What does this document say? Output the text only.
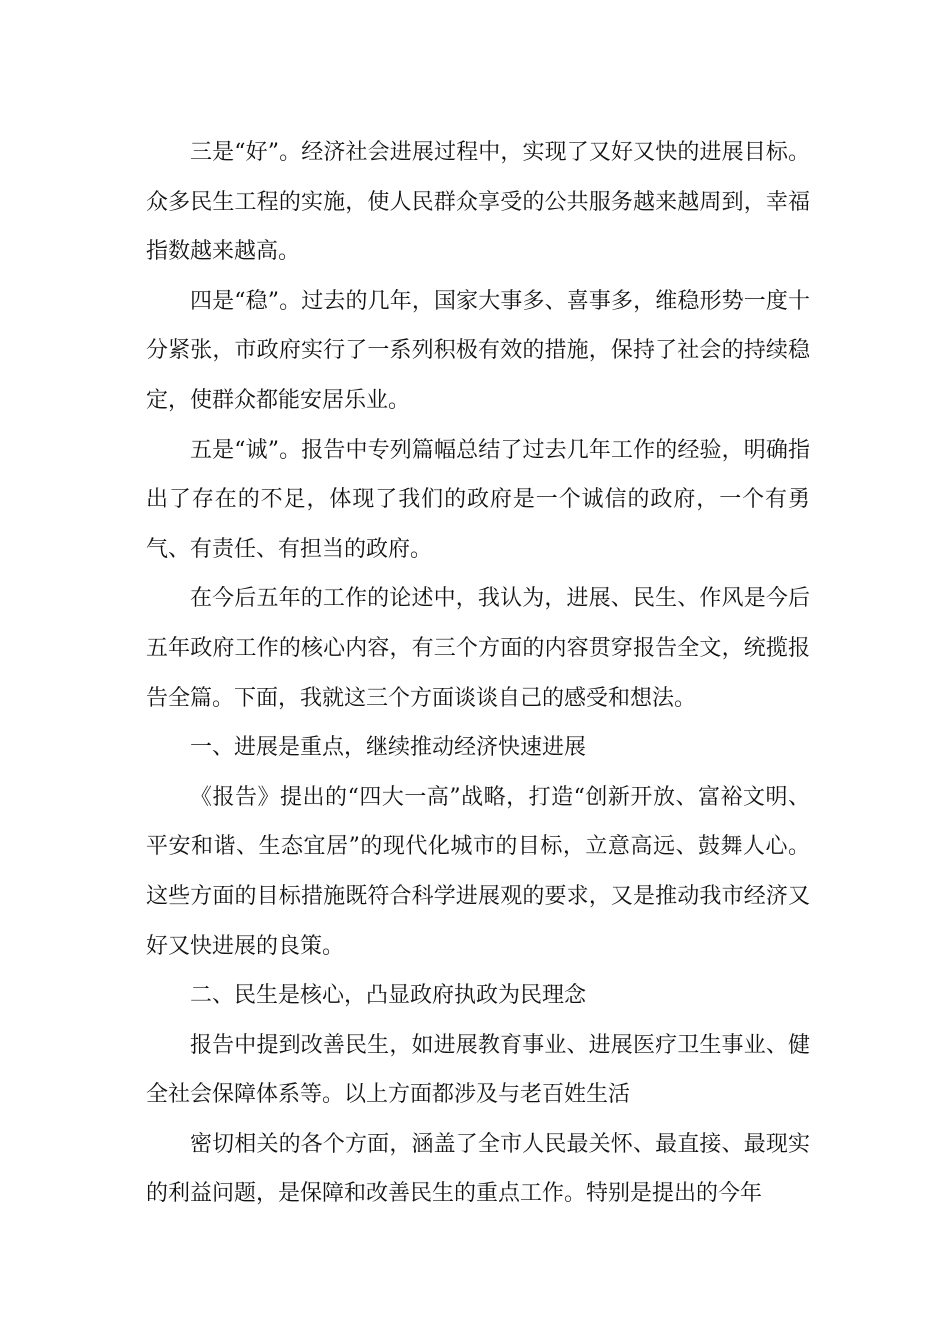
三是“好”。经济社会进展过程中，实现了又好又快的进展目标。众多民生工程的实施，使人民群众享受的公共服务越来越周到，幸福指数越来越高。

四是“稳”。过去的几年，国家大事多、喜事多，维稳形势一度十分紧张，市政府实行了一系列积极有效的措施，保持了社会的持续稳定，使群众都能安居乐业。

五是“诚”。报告中专列篇幅总结了过去几年工作的经验，明确指出了存在的不足，体现了我们的政府是一个诚信的政府，一个有勇气、有责任、有担当的政府。

在今后五年的工作的论述中，我认为，进展、民生、作风是今后五年政府工作的核心内容，有三个方面的内容贯穿报告全文，统揽报告全篇。下面，我就这三个方面谈谈自己的感受和想法。

一、进展是重点，继续推动经济快速进展

《报告》提出的“四大一高”战略，打造“创新开放、富裕文明、平安和谐、生态宜居”的现代化城市的目标，立意高远、鼓舞人心。这些方面的目标措施既符合科学进展观的要求，又是推动我市经济又好又快进展的良策。

二、民生是核心，凸显政府执政为民理念

报告中提到改善民生，如进展教育事业、进展医疗卫生事业、健全社会保障体系等。以上方面都涉及与老百姓生活

密切相关的各个方面，涵盖了全市人民最关怀、最直接、最现实的利益问题，是保障和改善民生的重点工作。特别是提出的今年
